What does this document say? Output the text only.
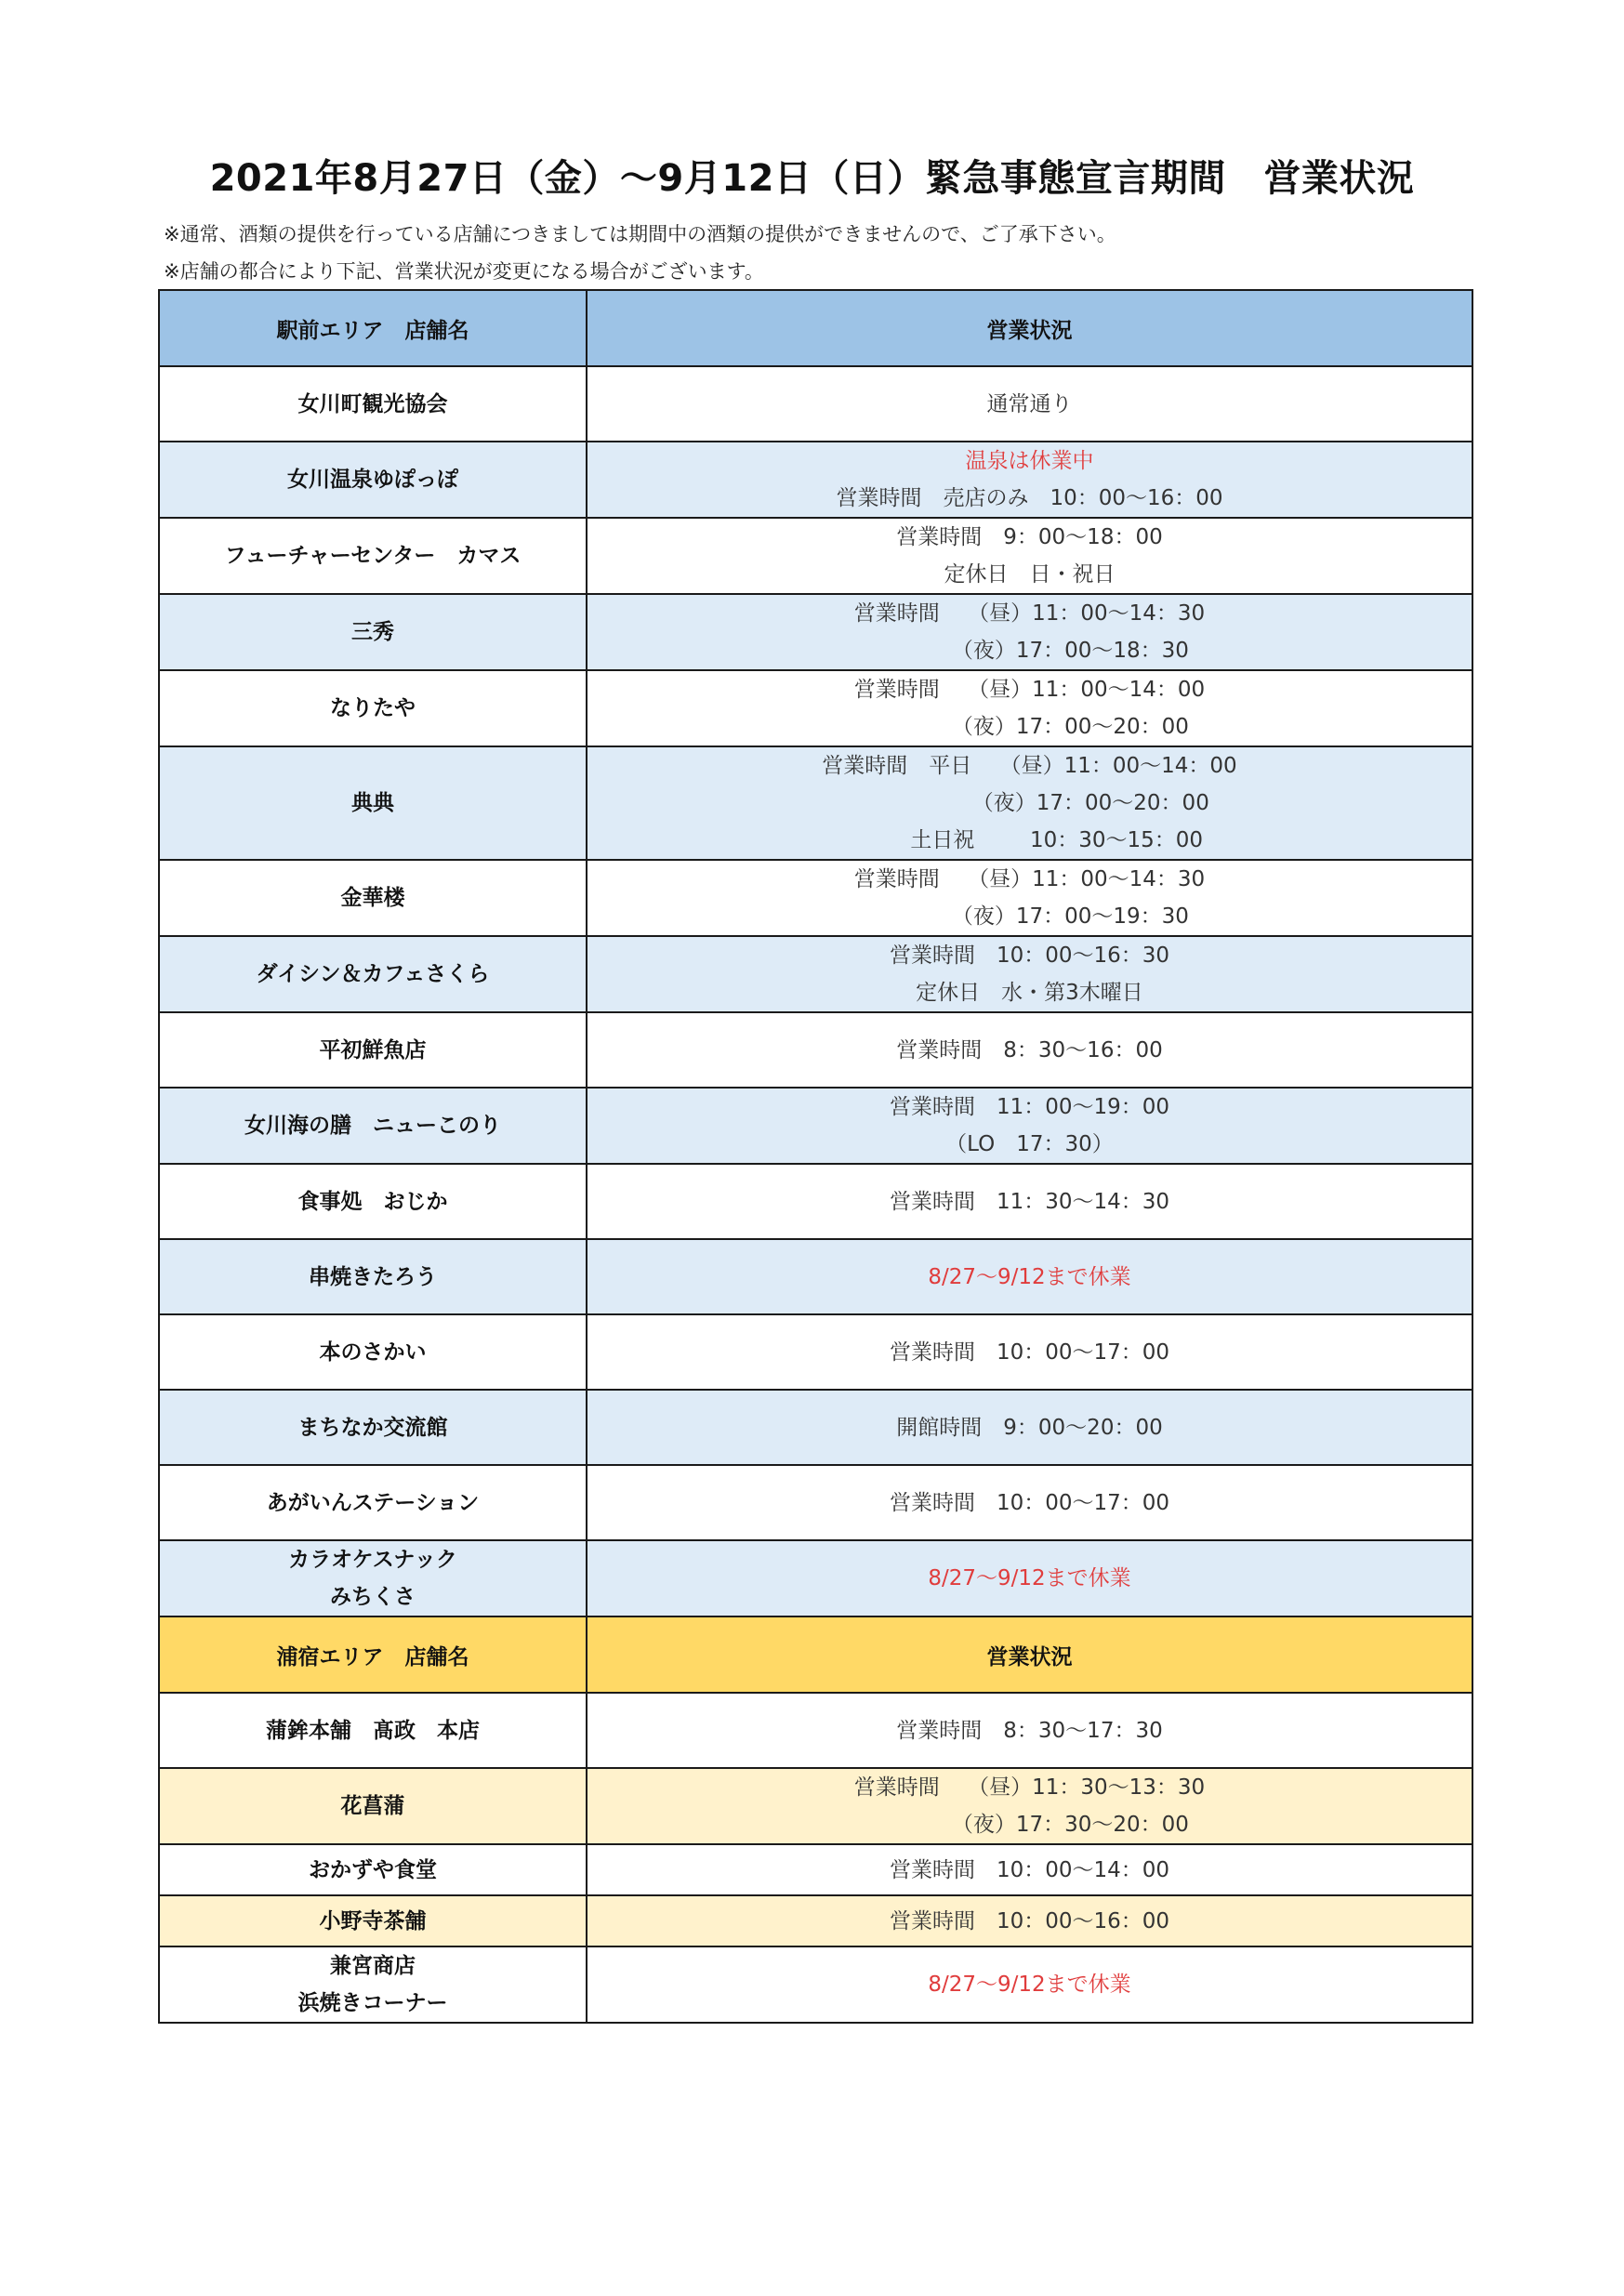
2021年8月27日（金）～9月12日（日）緊急事態宣言期間　営業状況
※通常、酒類の提供を行っている店舗につきましては期間中の酒類の提供ができませんので、ご了承下さい。
※店舗の都合により下記、営業状況が変更になる場合がございます。
駅前エリア　店舗名	営業状況

女川町観光協会	通常通り

女川温泉ゆぽっぽ	温泉は休業中
営業時間　売店のみ　10：00～16：00

フューチャーセンター　カマス	営業時間　9：00～18：00
定休日　日・祝日

三秀	営業時間　 （昼）11：00～14：30
（夜）17：00～18：30

なりたや	営業時間　 （昼）11：00～14：00
（夜）17：00～20：00

典典	営業時間　平日　 （昼）11：00～14：00
（夜）17：00～20：00
土日祝　     10：30～15：00

金華楼	営業時間　 （昼）11：00～14：30
（夜）17：00～19：30

ダイシン＆カフェさくら	営業時間　10：00～16：30
定休日　水・第3木曜日

平初鮮魚店	営業時間　8：30～16：00

女川海の膳　ニューこのり	営業時間　11：00～19：00
（LO　17：30）

食事処　おじか	営業時間　11：30～14：30

串焼きたろう	8/27～9/12まで休業

本のさかい	営業時間　10：00～17：00

まちなか交流館	開館時間　9：00～20：00

あがいんステーション	営業時間　10：00～17：00

カラオケスナック
みちくさ	8/27～9/12まで休業

浦宿エリア　店舗名	営業状況

蒲鉾本舗　髙政　本店	営業時間　8：30～17：30

花菖蒲	営業時間　 （昼）11：30～13：30
（夜）17：30～20：00

おかずや食堂	営業時間　10：00～14：00

小野寺茶舗	営業時間　10：00～16：00

兼宮商店
浜焼きコーナー	8/27～9/12まで休業
